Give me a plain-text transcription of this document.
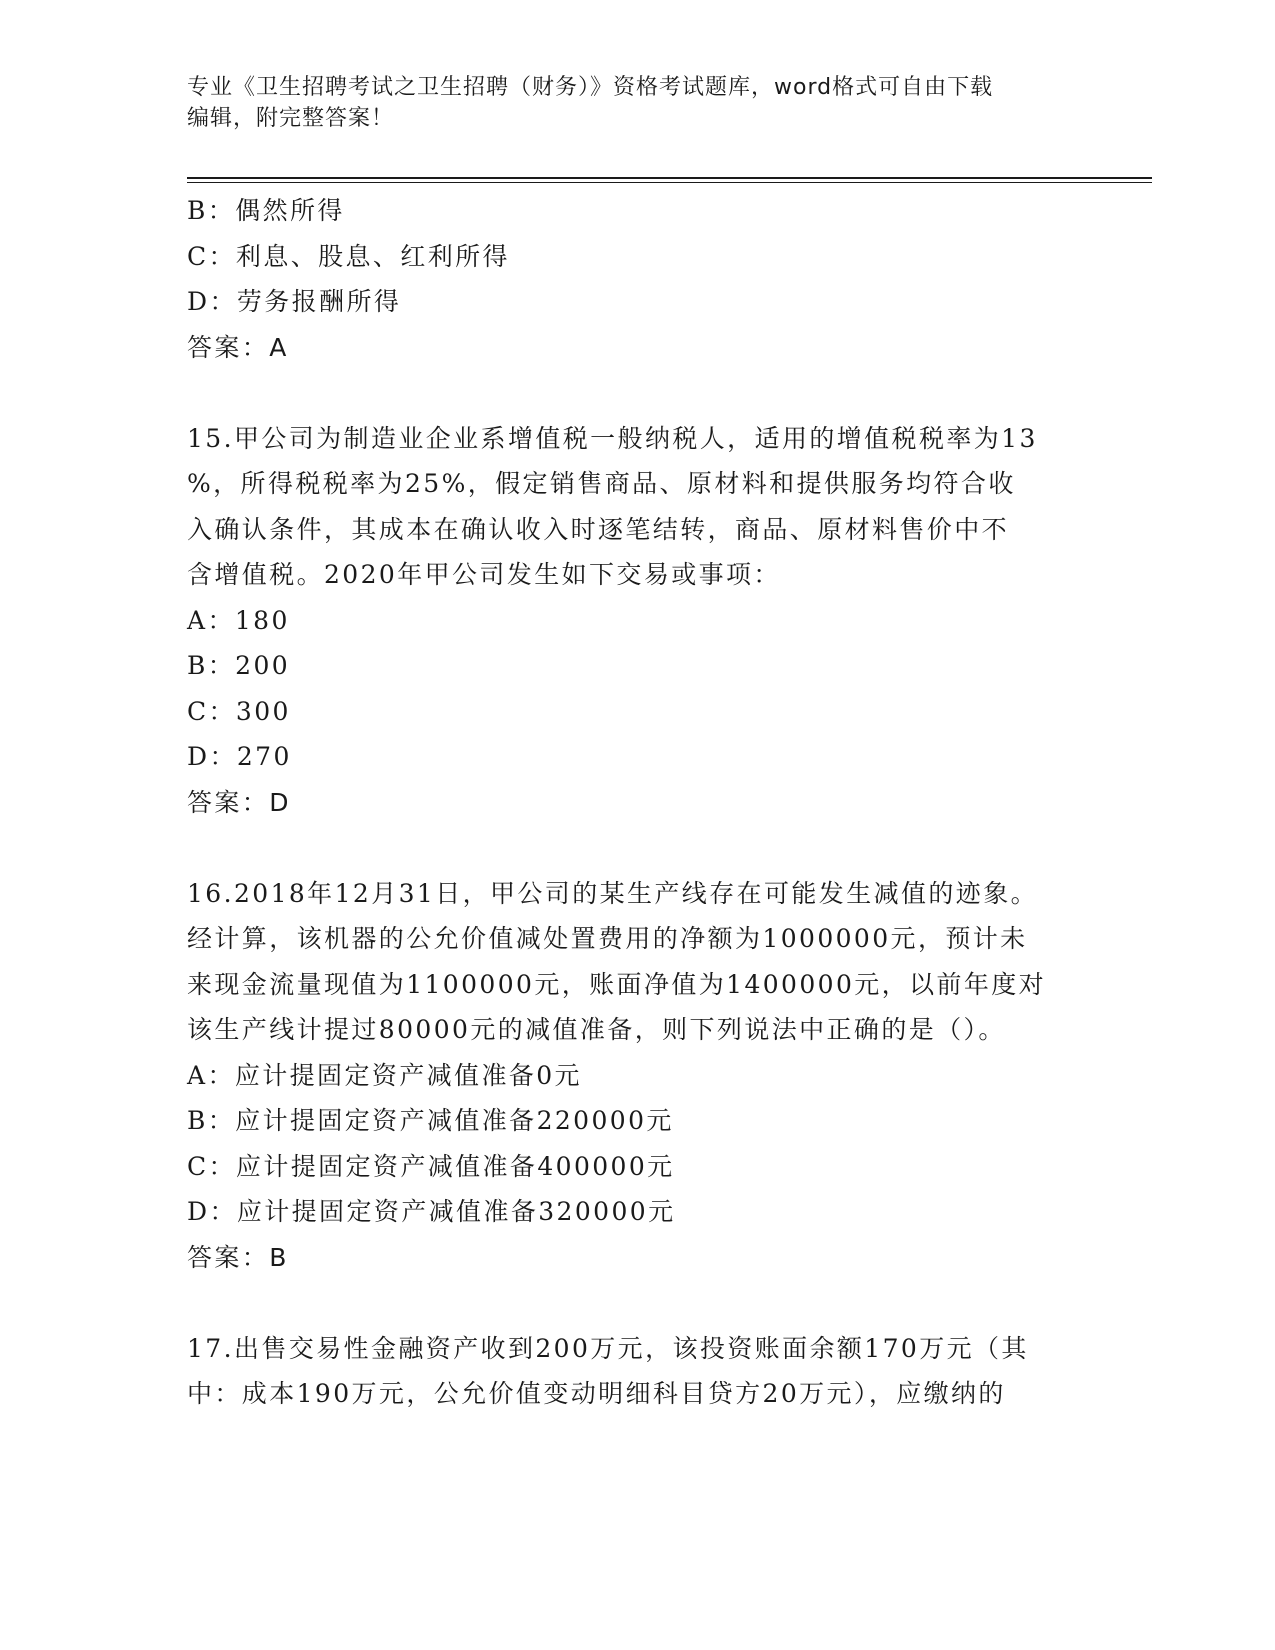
专业《卫生招聘考试之卫生招聘（财务）》资格考试题库，word格式可自由下载
编辑，附完整答案！
B：偶然所得
C：利息、股息、红利所得
D：劳务报酬所得
答案：A
15.甲公司为制造业企业系增值税一般纳税人，适用的增值税税率为13
%，所得税税率为25%，假定销售商品、原材料和提供服务均符合收
入确认条件，其成本在确认收入时逐笔结转，商品、原材料售价中不
含增值税。2020年甲公司发生如下交易或事项：
A：180
B：200
C：300
D：270
答案：D
16.2018年12月31日，甲公司的某生产线存在可能发生减值的迹象。
经计算，该机器的公允价值减处置费用的净额为1000000元，预计未
来现金流量现值为1100000元，账面净值为1400000元，以前年度对
该生产线计提过80000元的减值准备，则下列说法中正确的是（）。
A：应计提固定资产减值准备0元
B：应计提固定资产减值准备220000元
C：应计提固定资产减值准备400000元
D：应计提固定资产减值准备320000元
答案：B
17.出售交易性金融资产收到200万元，该投资账面余额170万元（其
中：成本190万元，公允价值变动明细科目贷方20万元），应缴纳的
